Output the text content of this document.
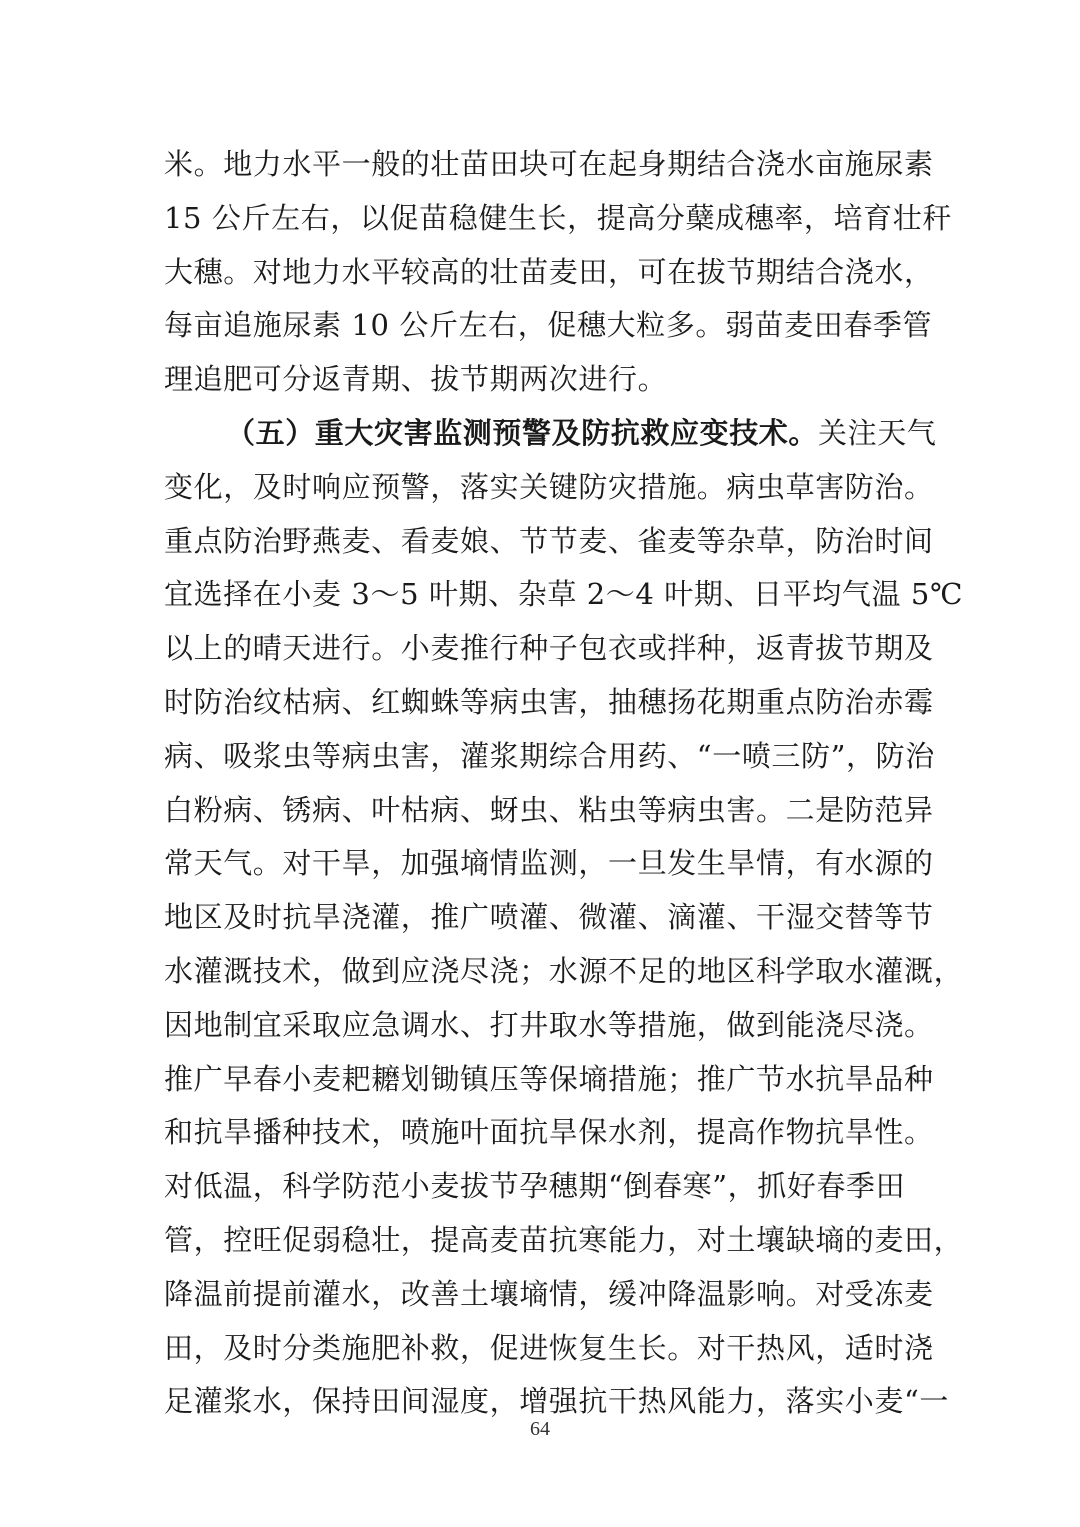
米。地力水平一般的壮苗田块可在起身期结合浇水亩施尿素
15 公斤左右，以促苗稳健生长，提高分蘖成穗率，培育壮秆
大穗。对地力水平较高的壮苗麦田，可在拔节期结合浇水，
每亩追施尿素 10 公斤左右，促穗大粒多。弱苗麦田春季管
理追肥可分返青期、拔节期两次进行。
（五）重大灾害监测预警及防抗救应变技术。关注天气
变化，及时响应预警，落实关键防灾措施。病虫草害防治。
重点防治野燕麦、看麦娘、节节麦、雀麦等杂草，防治时间
宜选择在小麦 3～5 叶期、杂草 2～4 叶期、日平均气温 5℃
以上的晴天进行。小麦推行种子包衣或拌种，返青拔节期及
时防治纹枯病、红蜘蛛等病虫害，抽穗扬花期重点防治赤霉
病、吸浆虫等病虫害，灌浆期综合用药、“一喷三防”，防治
白粉病、锈病、叶枯病、蚜虫、粘虫等病虫害。二是防范异
常天气。对干旱，加强墒情监测，一旦发生旱情，有水源的
地区及时抗旱浇灌，推广喷灌、微灌、滴灌、干湿交替等节
水灌溉技术，做到应浇尽浇；水源不足的地区科学取水灌溉，
因地制宜采取应急调水、打井取水等措施，做到能浇尽浇。
推广早春小麦耙耱划锄镇压等保墒措施；推广节水抗旱品种
和抗旱播种技术，喷施叶面抗旱保水剂，提高作物抗旱性。
对低温，科学防范小麦拔节孕穗期“倒春寒”，抓好春季田
管，控旺促弱稳壮，提高麦苗抗寒能力，对土壤缺墒的麦田，
降温前提前灌水，改善土壤墒情，缓冲降温影响。对受冻麦
田，及时分类施肥补救，促进恢复生长。对干热风，适时浇
足灌浆水，保持田间湿度，增强抗干热风能力，落实小麦“一
64
